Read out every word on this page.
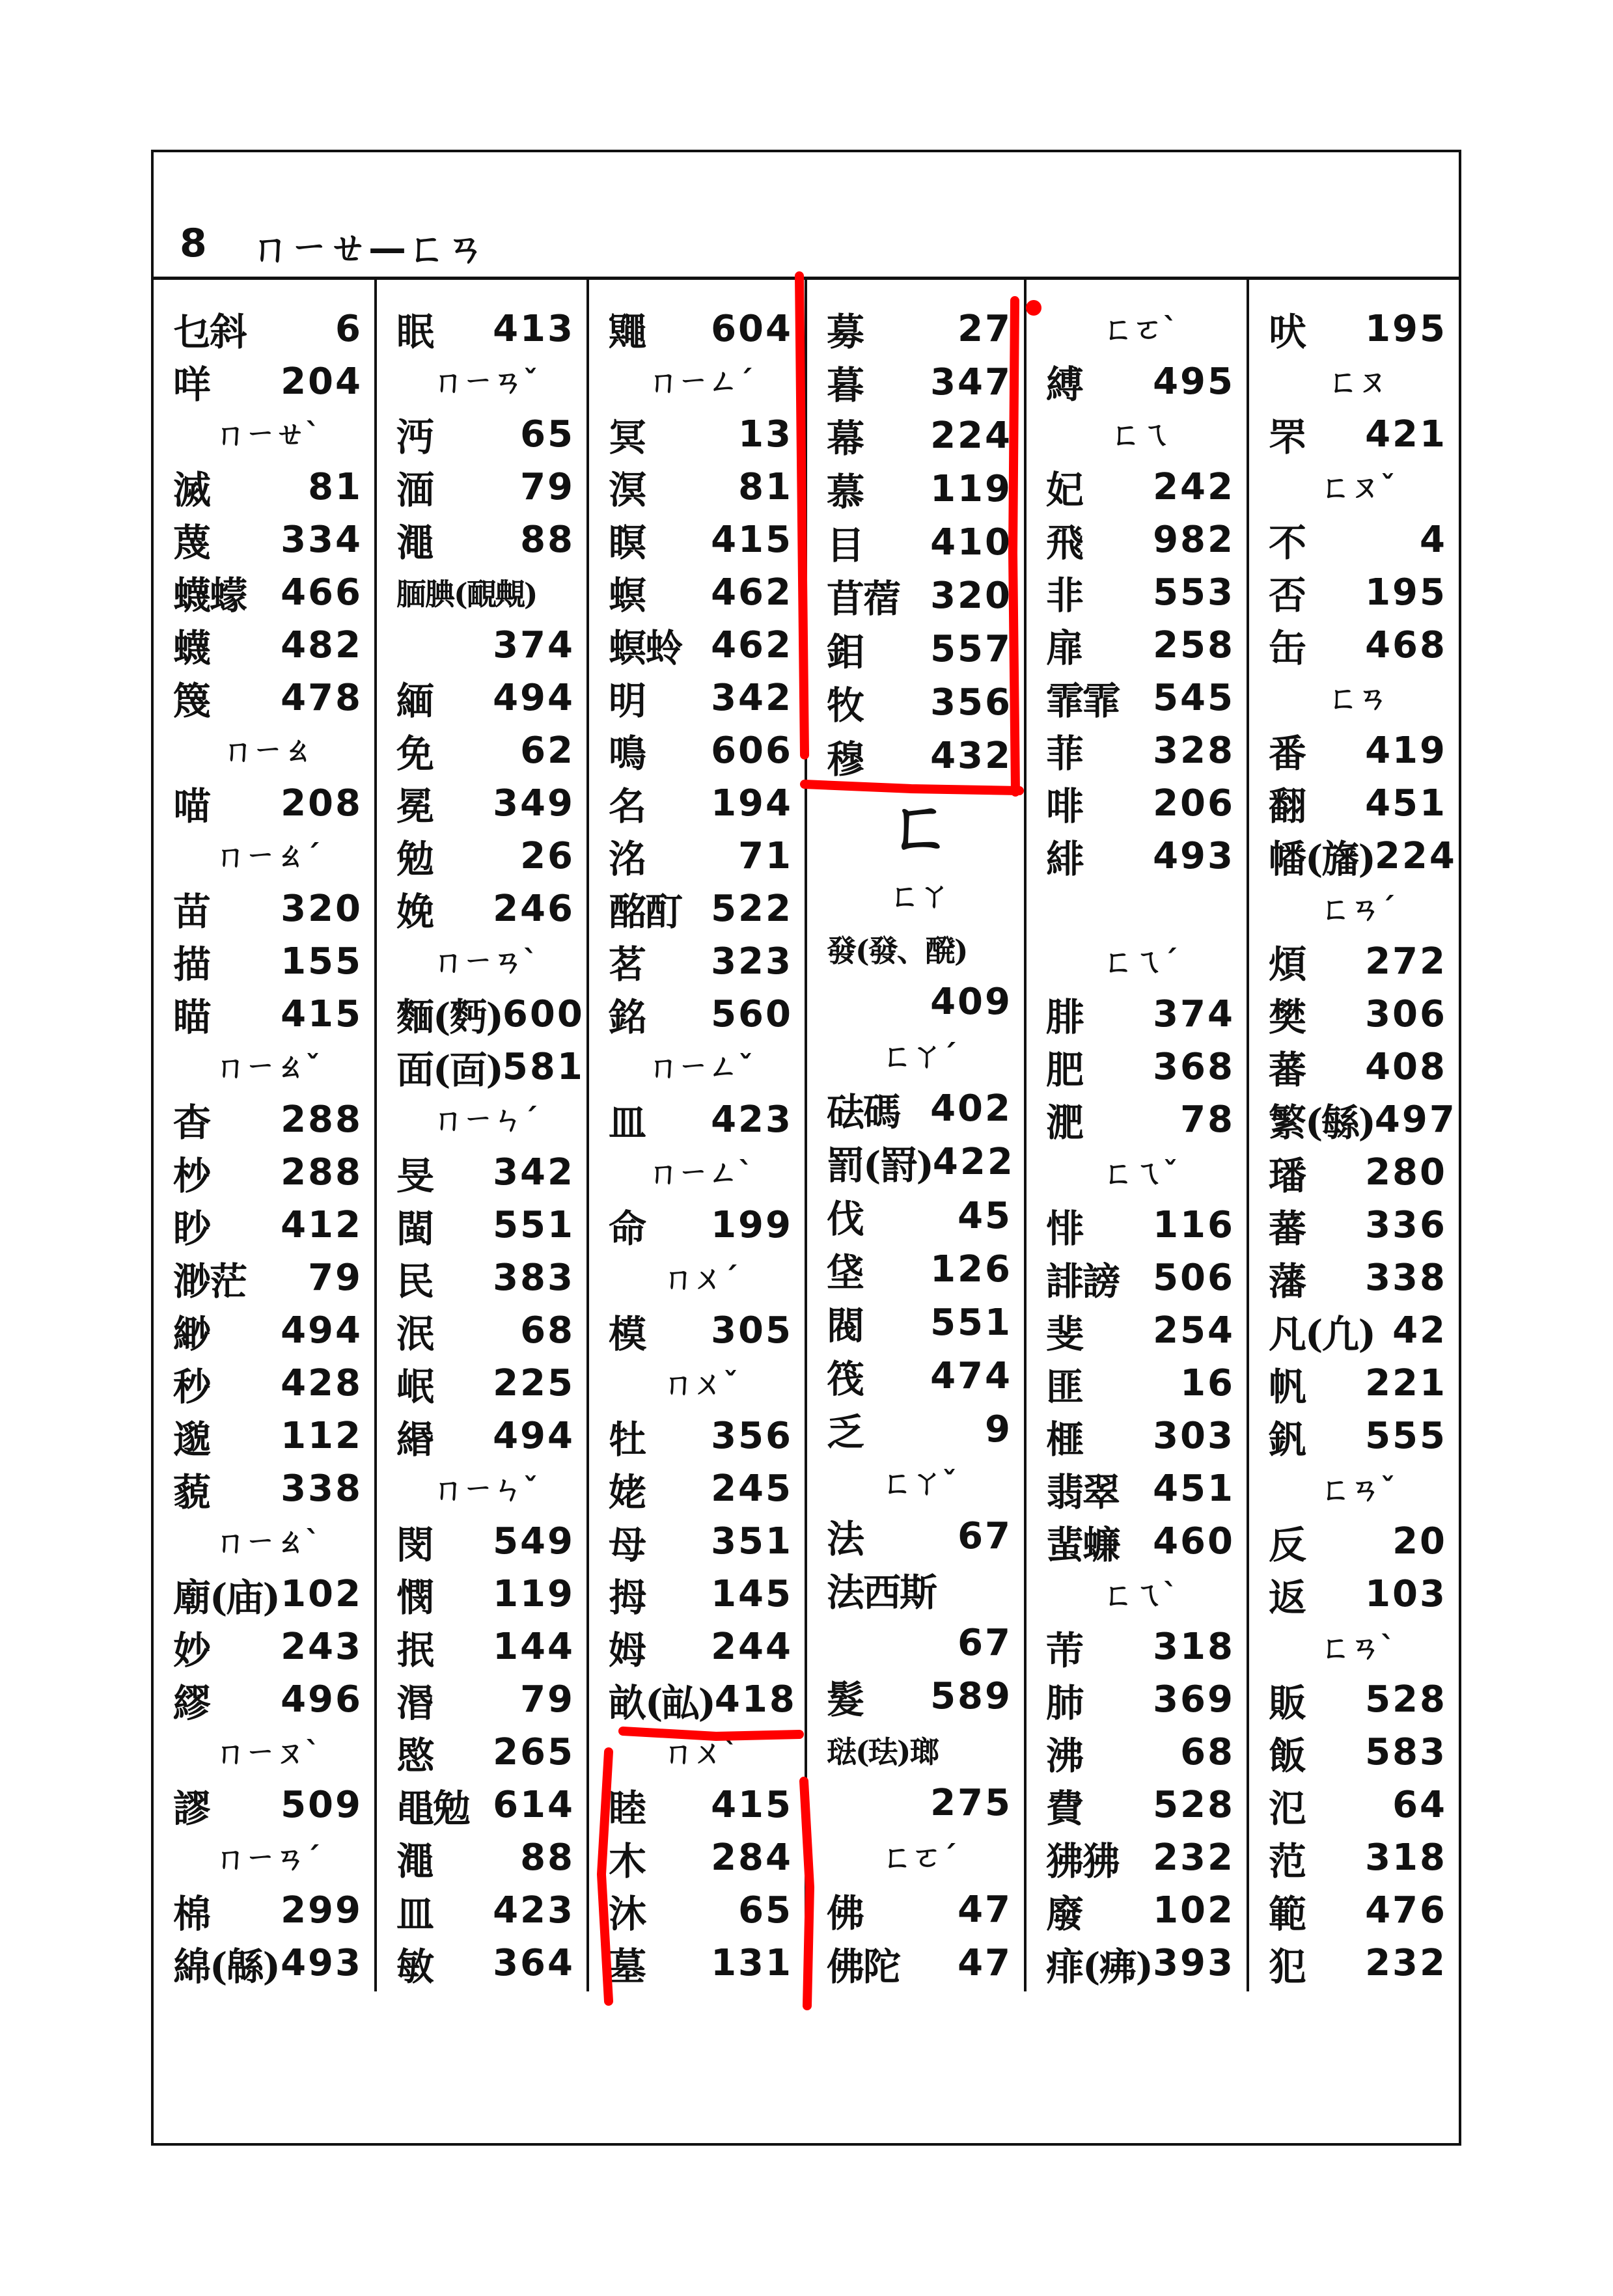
8 ㄇㄧㄝ—ㄈㄢ
乜斜 6
咩 204
ㄇㄧㄝˋ
滅	81
蔑 334
蠛蠓 466
蠛 482
篾 478
ㄇㄧㄠ
喵 208
ㄇㄧㄠˊ
苗 320
描 155
瞄 415
ㄇㄧㄠˇ
杳 288
杪 288
眇 412
渺茫 79
緲 494
秒 428
邈 112
藐 338
ㄇㄧㄠˋ
廟(庙) 102
妙 243
繆 496
ㄇㄧㄡˋ
謬 509
ㄇㄧㄢˊ
棉 299
綿(緜) 493
眠 413
ㄇㄧㄢˇ
沔 65
湎 79
澠 88
腼腆(靦覥)
374
緬 494
免 62
冕 349
勉 26
娩 246
ㄇㄧㄢˋ
麵(麪) 600
面(靣) 581
ㄇㄧㄣˊ
旻 342
閩 551
民 383
泯 68
岷 225
緡 494
ㄇㄧㄣˇ
閔 549
憫 119
抿 144
湣 79
愍 265
黽勉 614
澠 88
皿 423
敏 364
鼆 604
ㄇㄧㄥˊ
冥	13
溟	81
瞑 415
螟 462
螟蛉 462
明 342
鳴 606
名 194
洺	71
酩酊 522
茗 323
銘 560
ㄇㄧㄥˇ
皿 423
ㄇㄧㄥˋ
命 199
ㄇㄨˊ
模 305
ㄇㄨˇ
牡 356
姥 245
母 351
拇 145
姆 244
畝(畆) 418
ㄇㄨˋ
睦 415
木 284
沐	65
墓 131
募	27
暮 347
幕 224
慕 119
目 410
苜蓿 320
鉬 557
牧 356
穆 432
ㄈ
ㄈㄚ
發(發、醗)
409
ㄈㄚˊ
砝碼 402
罰(罸) 422
伐	45
垡 126
閥 551
筏 474
乏	9
ㄈㄚˇ
法	67
法西斯
67
髮 589
琺(珐)瑯
275
ㄈㄛˊ
佛	47
佛陀 47
ㄈㄛˋ
縛 495
ㄈㄟ
妃 242
飛 982
非 553
扉 258
霏霏 545
菲 328
啡 206
緋 493
ㄈㄟˊ
腓 374
肥 368
淝	78
ㄈㄟˇ
悱 116
誹謗 506
斐 254
匪	16
榧 303
翡翠 451
蜚蠊 460
ㄈㄟˋ
芾 318
肺 369
沸	68
費 528
狒狒 232
廢 102
痱(疿) 393
吠 195
ㄈㄡ
罘 421
ㄈㄡˇ
不	4
否 195
缶 468
ㄈㄢ
番 419
翻 451
幡(旛) 224
ㄈㄢˊ
煩 272
樊 306
蕃 408
繁(緐) 497
璠 280
蕃 336
藩 338
凡(凢) 42
帆 221
釩 555
ㄈㄢˇ
反 20
返 103
ㄈㄢˋ
販 528
飯 583
氾 64
范 318
範 476
犯 232
